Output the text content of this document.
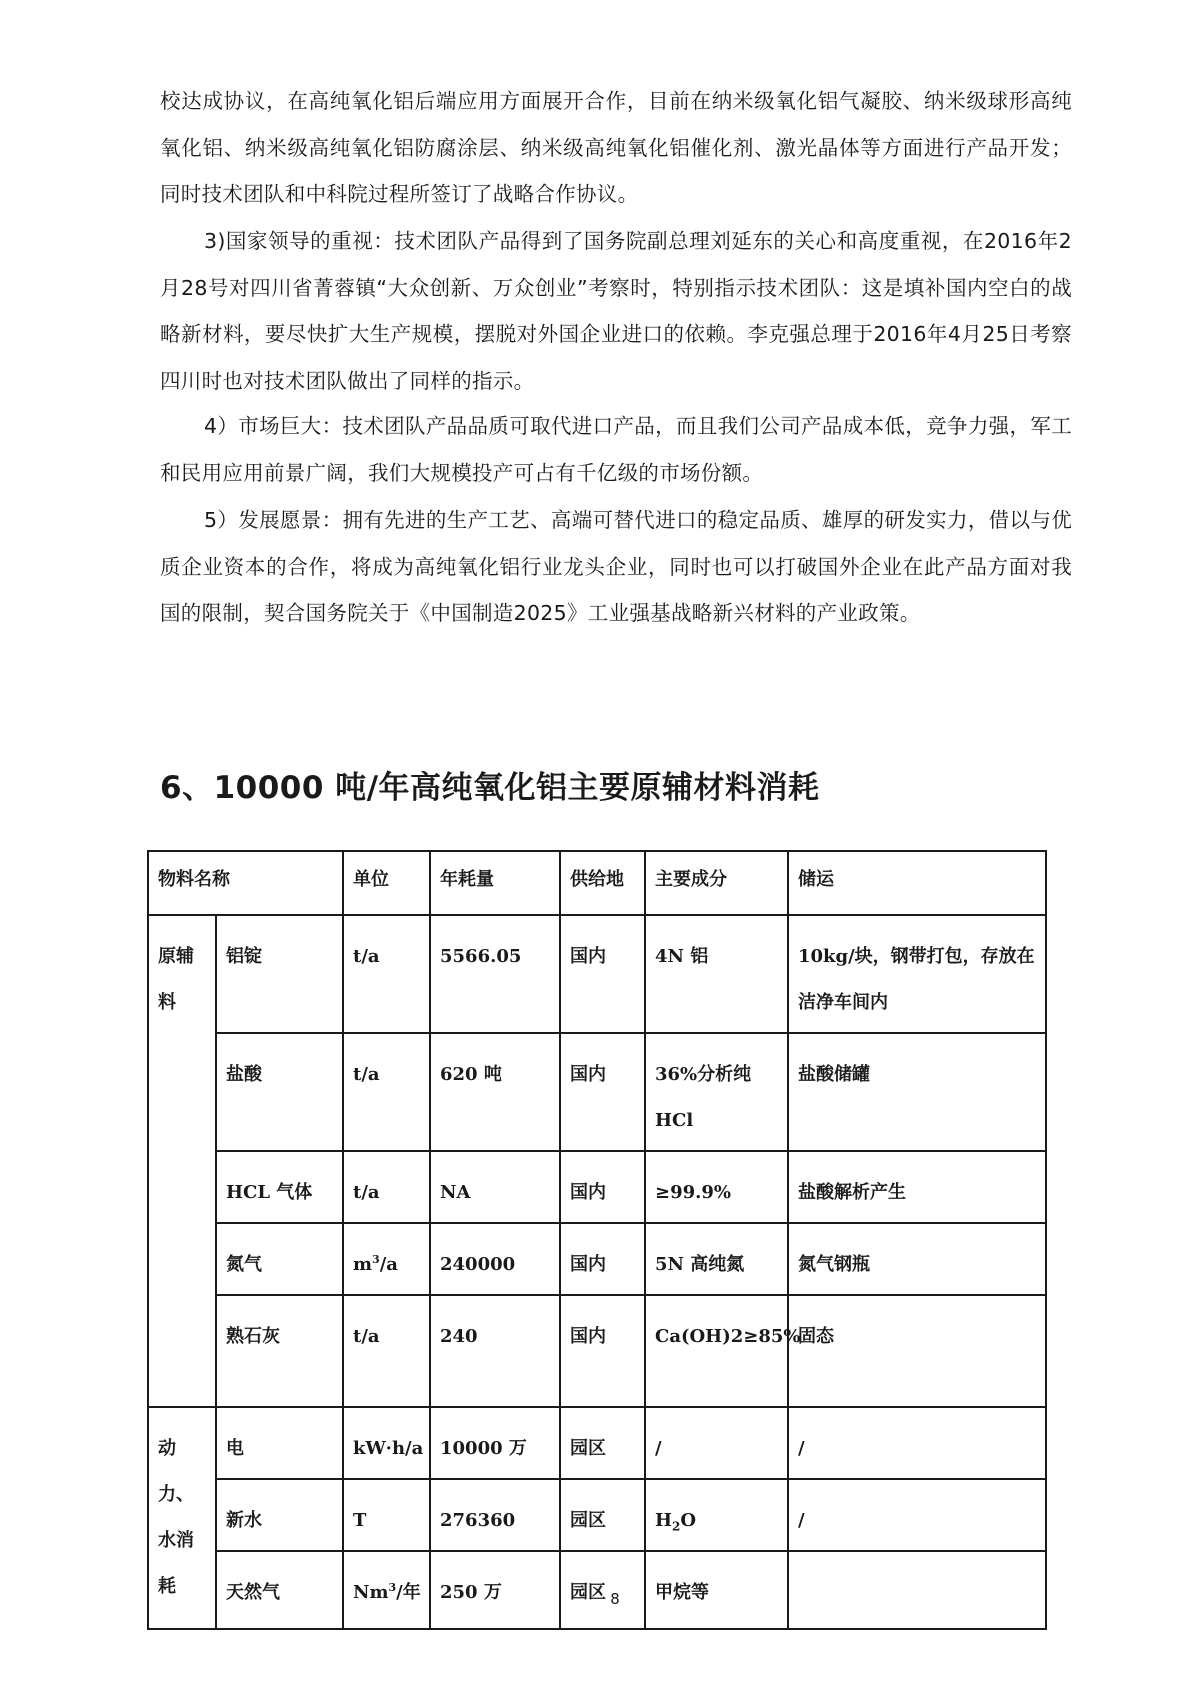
校达成协议，在高纯氧化铝后端应用方面展开合作，目前在纳米级氧化铝气凝胶、纳米级球形高纯氧化铝、纳米级高纯氧化铝防腐涂层、纳米级高纯氧化铝催化剂、激光晶体等方面进行产品开发；同时技术团队和中科院过程所签订了战略合作协议。

3)国家领导的重视：技术团队产品得到了国务院副总理刘延东的关心和高度重视，在2016年2月28号对四川省菁蓉镇“大众创新、万众创业”考察时，特别指示技术团队：这是填补国内空白的战略新材料，要尽快扩大生产规模，摆脱对外国企业进口的依赖。李克强总理于2016年4月25日考察四川时也对技术团队做出了同样的指示。

4）市场巨大：技术团队产品品质可取代进口产品，而且我们公司产品成本低，竞争力强，军工和民用应用前景广阔，我们大规模投产可占有千亿级的市场份额。

5）发展愿景：拥有先进的生产工艺、高端可替代进口的稳定品质、雄厚的研发实力，借以与优质企业资本的合作，将成为高纯氧化铝行业龙头企业，同时也可以打破国外企业在此产品方面对我国的限制，契合国务院关于《中国制造2025》工业强基战略新兴材料的产业政策。

6、10000 吨/年高纯氧化铝主要原辅材料消耗
物料名称		单位	年耗量	供给地	主要成分	储运
原辅料	铝锭	t/a	5566.05	国内	4N 铝	10kg/块，钢带打包，存放在洁净车间内
	盐酸	t/a	620 吨	国内	36%分析纯 HCl	盐酸储罐
	HCL 气体	t/a	NA	国内	≥99.9%	盐酸解析产生
	氮气	$m^3/a$	240000	国内	5N 高纯氮	氮气钢瓶
	熟石灰	t/a	240	国内	Ca(OH)2≥85%	固态
动力、水消耗	电	kW·h/a	10000 万	园区	/	/
	新水	T	276360	园区	$H_2O$	/
	天然气	Nm$^3$/年	250 万	园区	甲烷等	
8
